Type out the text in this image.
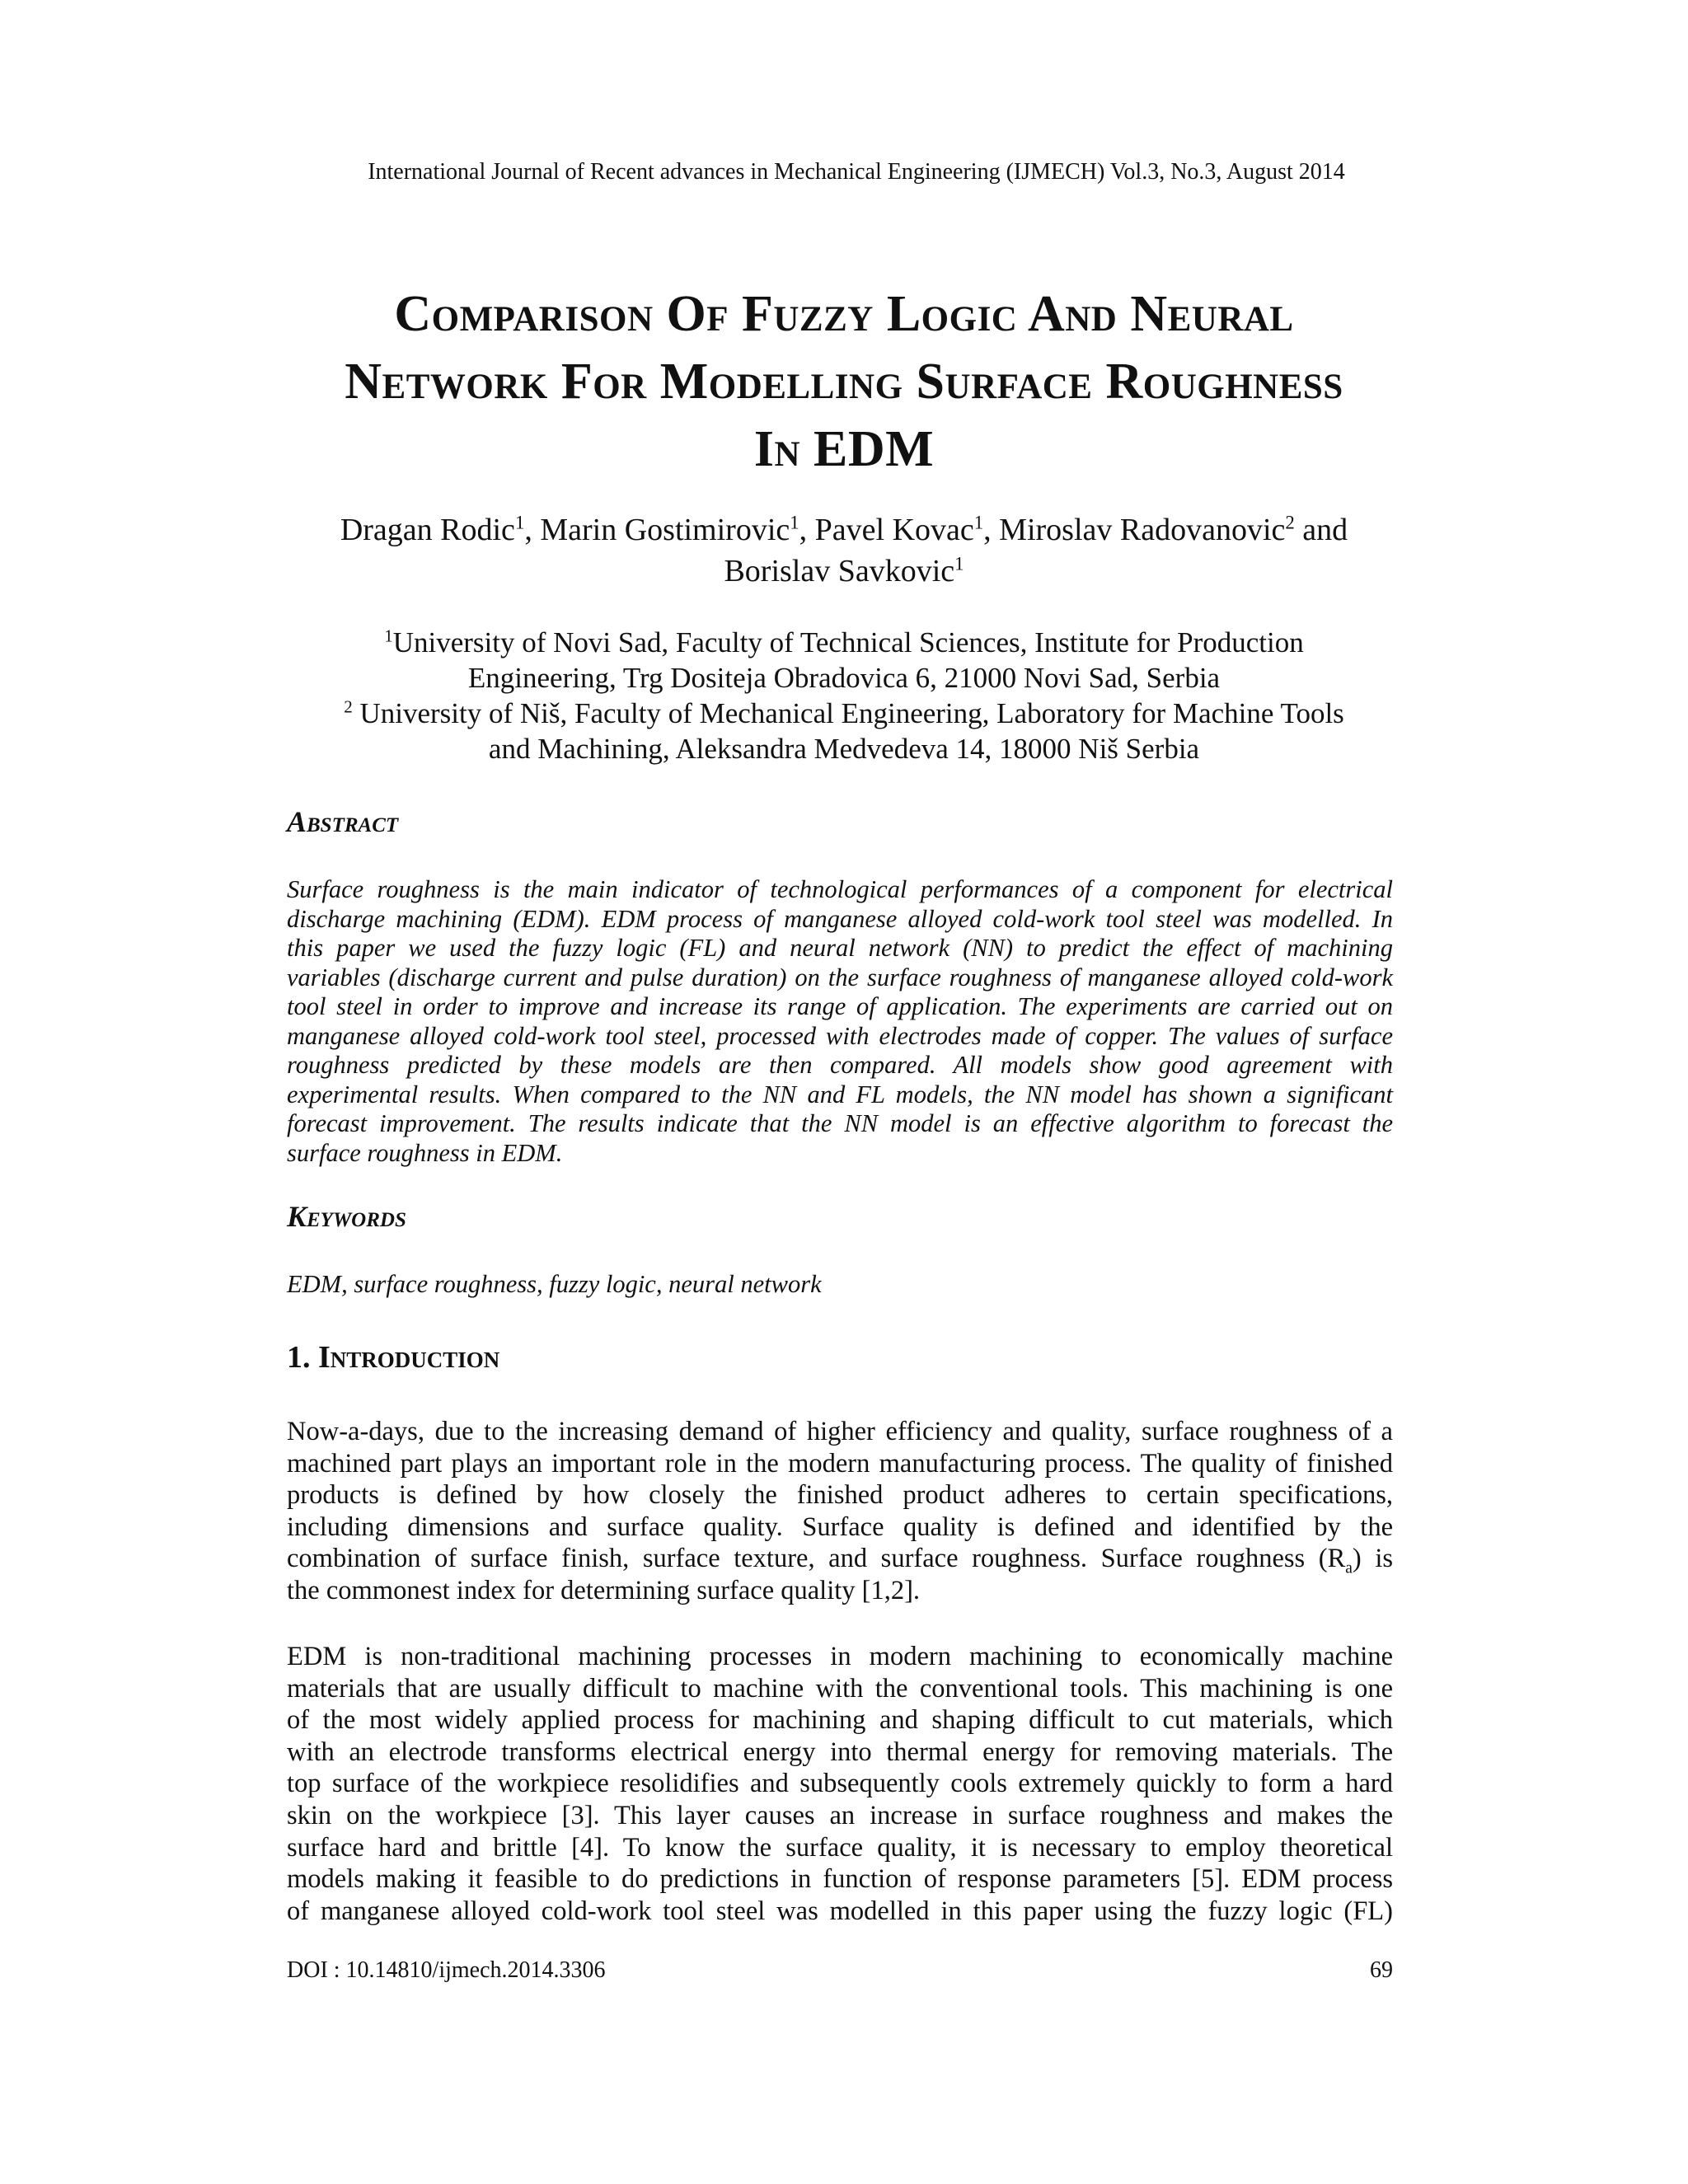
International Journal of Recent advances in Mechanical Engineering (IJMECH) Vol.3, No.3, August 2014
Comparison Of Fuzzy Logic And Neural
Network For Modelling Surface Roughness
In EDM
Dragan Rodic$^1$, Marin Gostimirovic$^1$, Pavel Kovac$^1$, Miroslav Radovanovic$^2$ and
Borislav Savkovic$^1$
$^1$University of Novi Sad, Faculty of Technical Sciences, Institute for Production
Engineering, Trg Dositeja Obradovica 6, 21000 Novi Sad, Serbia
$^2$ University of Niš, Faculty of Mechanical Engineering, Laboratory for Machine Tools
and Machining, Aleksandra Medvedeva 14, 18000 Niš Serbia
Abstract
Surface roughness is the main indicator of technological performances of a component for electrical
discharge machining (EDM). EDM process of manganese alloyed cold-work tool steel was modelled. In
this paper we used the fuzzy logic (FL) and neural network (NN) to predict the effect of machining
variables (discharge current and pulse duration) on the surface roughness of manganese alloyed cold-work
tool steel in order to improve and increase its range of application. The experiments are carried out on
manganese alloyed cold-work tool steel, processed with electrodes made of copper. The values of surface
roughness predicted by these models are then compared. All models show good agreement with
experimental results. When compared to the NN and FL models, the NN model has shown a significant
forecast improvement. The results indicate that the NN model is an effective algorithm to forecast the
surface roughness in EDM.
Keywords
EDM, surface roughness, fuzzy logic, neural network
1. Introduction
Now-a-days, due to the increasing demand of higher efficiency and quality, surface roughness of a
machined part plays an important role in the modern manufacturing process. The quality of finished
products is defined by how closely the finished product adheres to certain specifications,
including dimensions and surface quality. Surface quality is defined and identified by the
combination of surface finish, surface texture, and surface roughness. Surface roughness $(R_a)$ is
the commonest index for determining surface quality [1,2].
EDM is non-traditional machining processes in modern machining to economically machine
materials that are usually difficult to machine with the conventional tools. This machining is one
of the most widely applied process for machining and shaping difficult to cut materials, which
with an electrode transforms electrical energy into thermal energy for removing materials. The
top surface of the workpiece resolidifies and subsequently cools extremely quickly to form a hard
skin on the workpiece [3]. This layer causes an increase in surface roughness and makes the
surface hard and brittle [4]. To know the surface quality, it is necessary to employ theoretical
models making it feasible to do predictions in function of response parameters [5]. EDM process
of manganese alloyed cold-work tool steel was modelled in this paper using the fuzzy logic (FL)
DOI : 10.14810/ijmech.2014.3306	69
